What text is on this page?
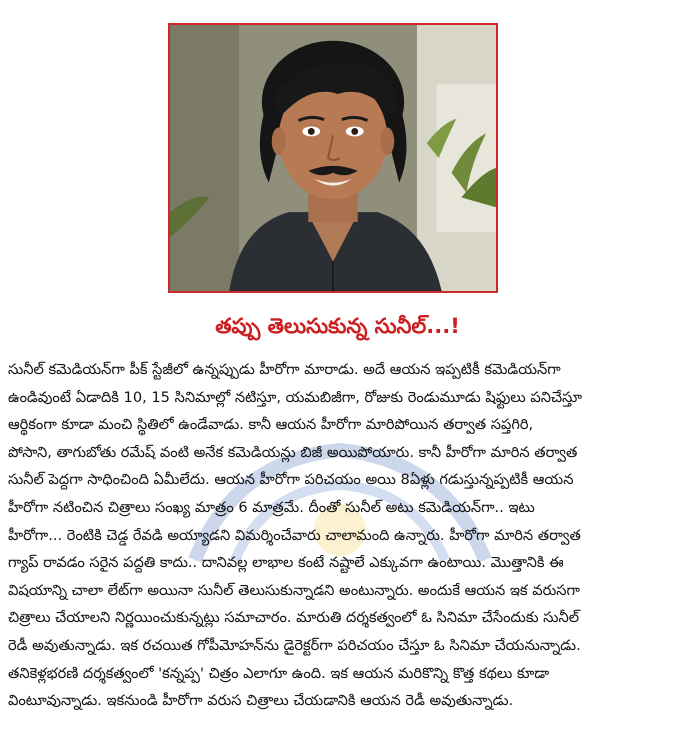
తప్పు తెలుసుకున్న సునీల్...!

సునీల్ కమెడియన్‌గా పీక్ స్టేజీలో ఉన్నప్పుడు హీరోగా మారాడు. అదే ఆయన ఇప్పటికీ కమెడియన్‌గా
ఉండివుంటే ఏడాదికి 10, 15 సినిమాల్లో నటిస్తూ, యమబిజీగా, రోజుకు రెండుమూడు షిఫ్టులు పనిచేస్తూ
ఆర్థికంగా కూడా మంచి స్థితిలో ఉండేవాడు. కానీ ఆయన హీరోగా మారిపోయిన తర్వాత సప్తగిరి,
పోసాని, తాగుబోతు రమేష్ వంటి అనేక కమెడియన్లు బిజీ అయిపోయారు. కానీ హీరోగా మారిన తర్వాత
సునీల్ పెద్దగా సాధించింది ఏమీలేదు. ఆయన హీరోగా పరిచయం అయి 8ఏళ్లు గడుస్తున్నప్పటికీ ఆయన
హీరోగా నటించిన చిత్రాలు సంఖ్య మాత్రం 6 మాత్రమే. దీంతో సునీల్ అటు కమెడియన్‌గా.. ఇటు
హీరోగా... రెంటికి చెడ్డ రేవడి అయ్యాడని విమర్శించేవారు చాలామంది ఉన్నారు. హీరోగా మారిన తర్వాత
గ్యాప్ రావడం సరైన పద్దతి కాదు.. దానివల్ల లాభాల కంటే నష్టాలే ఎక్కువగా ఉంటాయి. మొత్తానికి ఈ
విషయాన్ని చాలా లేట్‌గా అయినా సునీల్ తెలుసుకున్నాడని అంటున్నారు. అందుకే ఆయన ఇక వరుసగా
చిత్రాలు చేయాలని నిర్ణయించుకున్నట్లు సమాచారం. మారుతి దర్శకత్వంలో ఓ సినిమా చేసేందుకు సునీల్
రెడీ అవుతున్నాడు. ఇక రచయిత గోపీమోహన్‌ను డైరెక్టర్‌గా పరిచయం చేస్తూ ఓ సినిమా చేయనున్నాడు.
తనికెళ్లభరణి దర్శకత్వంలో 'కన్నప్ప' చిత్రం ఎలాగూ ఉంది. ఇక ఆయన మరికొన్ని కొత్త కథలు కూడా
వింటూవున్నాడు. ఇకనుండి హీరోగా వరుస చిత్రాలు చేయడానికి ఆయన రెడీ అవుతున్నాడు.
